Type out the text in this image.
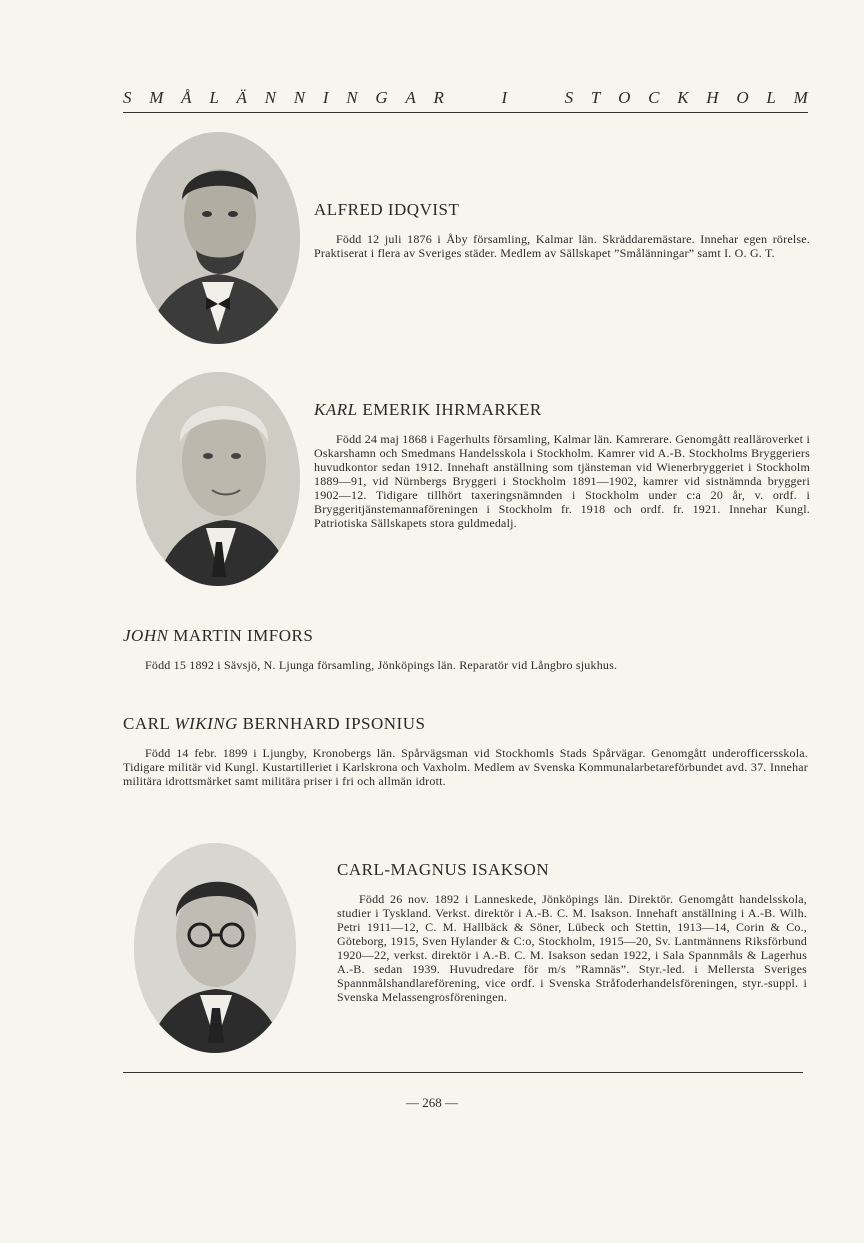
S M Å L Ä N N I N G A R	I	S T O C K H O L M

ALFRED IDQVIST

Född 12 juli 1876 i Åby församling, Kalmar län. Skräddaremästare. Innehar egen rörelse. Praktiserat i flera av Sveriges städer. Medlem av Sällskapet ”Smålänningar” samt I. O. G. T.

KARL EMERIK IHRMARKER

Född 24 maj 1868 i Fagerhults församling, Kalmar län. Kamrerare. Genomgått realläroverket i Oskarshamn och Smedmans Handelsskola i Stockholm. Kamrer vid A.-B. Stockholms Bryggeriers huvudkontor sedan 1912. Innehaft anställning som tjänsteman vid Wienerbryggeriet i Stockholm 1889—91, vid Nürnbergs Bryggeri i Stockholm 1891—1902, kamrer vid sistnämnda bryggeri 1902—12. Tidigare tillhört taxeringsnämnden i Stockholm under c:a 20 år, v. ordf. i Bryggeritjänstemannaföreningen i Stockholm fr. 1918 och ordf. fr. 1921. Innehar Kungl. Patriotiska Sällskapets stora guldmedalj.

JOHN MARTIN IMFORS

Född 15 1892 i Sävsjö, N. Ljunga församling, Jönköpings län. Reparatör vid Långbro sjukhus.

CARL WIKING BERNHARD IPSONIUS

Född 14 febr. 1899 i Ljungby, Kronobergs län. Spårvägsman vid Stockhomls Stads Spårvägar. Genomgått underofficersskola. Tidigare militär vid Kungl. Kustartilleriet i Karlskrona och Vaxholm. Medlem av Svenska Kommunalarbetareförbundet avd. 37. Innehar militära idrottsmärket samt militära priser i fri och allmän idrott.

CARL-MAGNUS ISAKSON

Född 26 nov. 1892 i Lanneskede, Jönköpings län. Direktör. Genomgått handelsskola, studier i Tyskland. Verkst. direktör i A.-B. C. M. Isakson. Innehaft anställning i A.-B. Wilh. Petri 1911—12, C. M. Hallbäck & Söner, Lübeck och Stettin, 1913—14, Corin & Co., Göteborg, 1915, Sven Hylander & C:o, Stockholm, 1915—20, Sv. Lantmännens Riksförbund 1920—22, verkst. direktör i A.-B. C. M. Isakson sedan 1922, i Sala Spannmåls & Lagerhus A.-B. sedan 1939. Huvudredare för m/s ”Ramnäs”. Styr.-led. i Mellersta Sveriges Spannmålshandlareförening, vice ordf. i Svenska Stråfoderhandelsföreningen, styr.-suppl. i Svenska Melassengrosföreningen.

— 268 —
